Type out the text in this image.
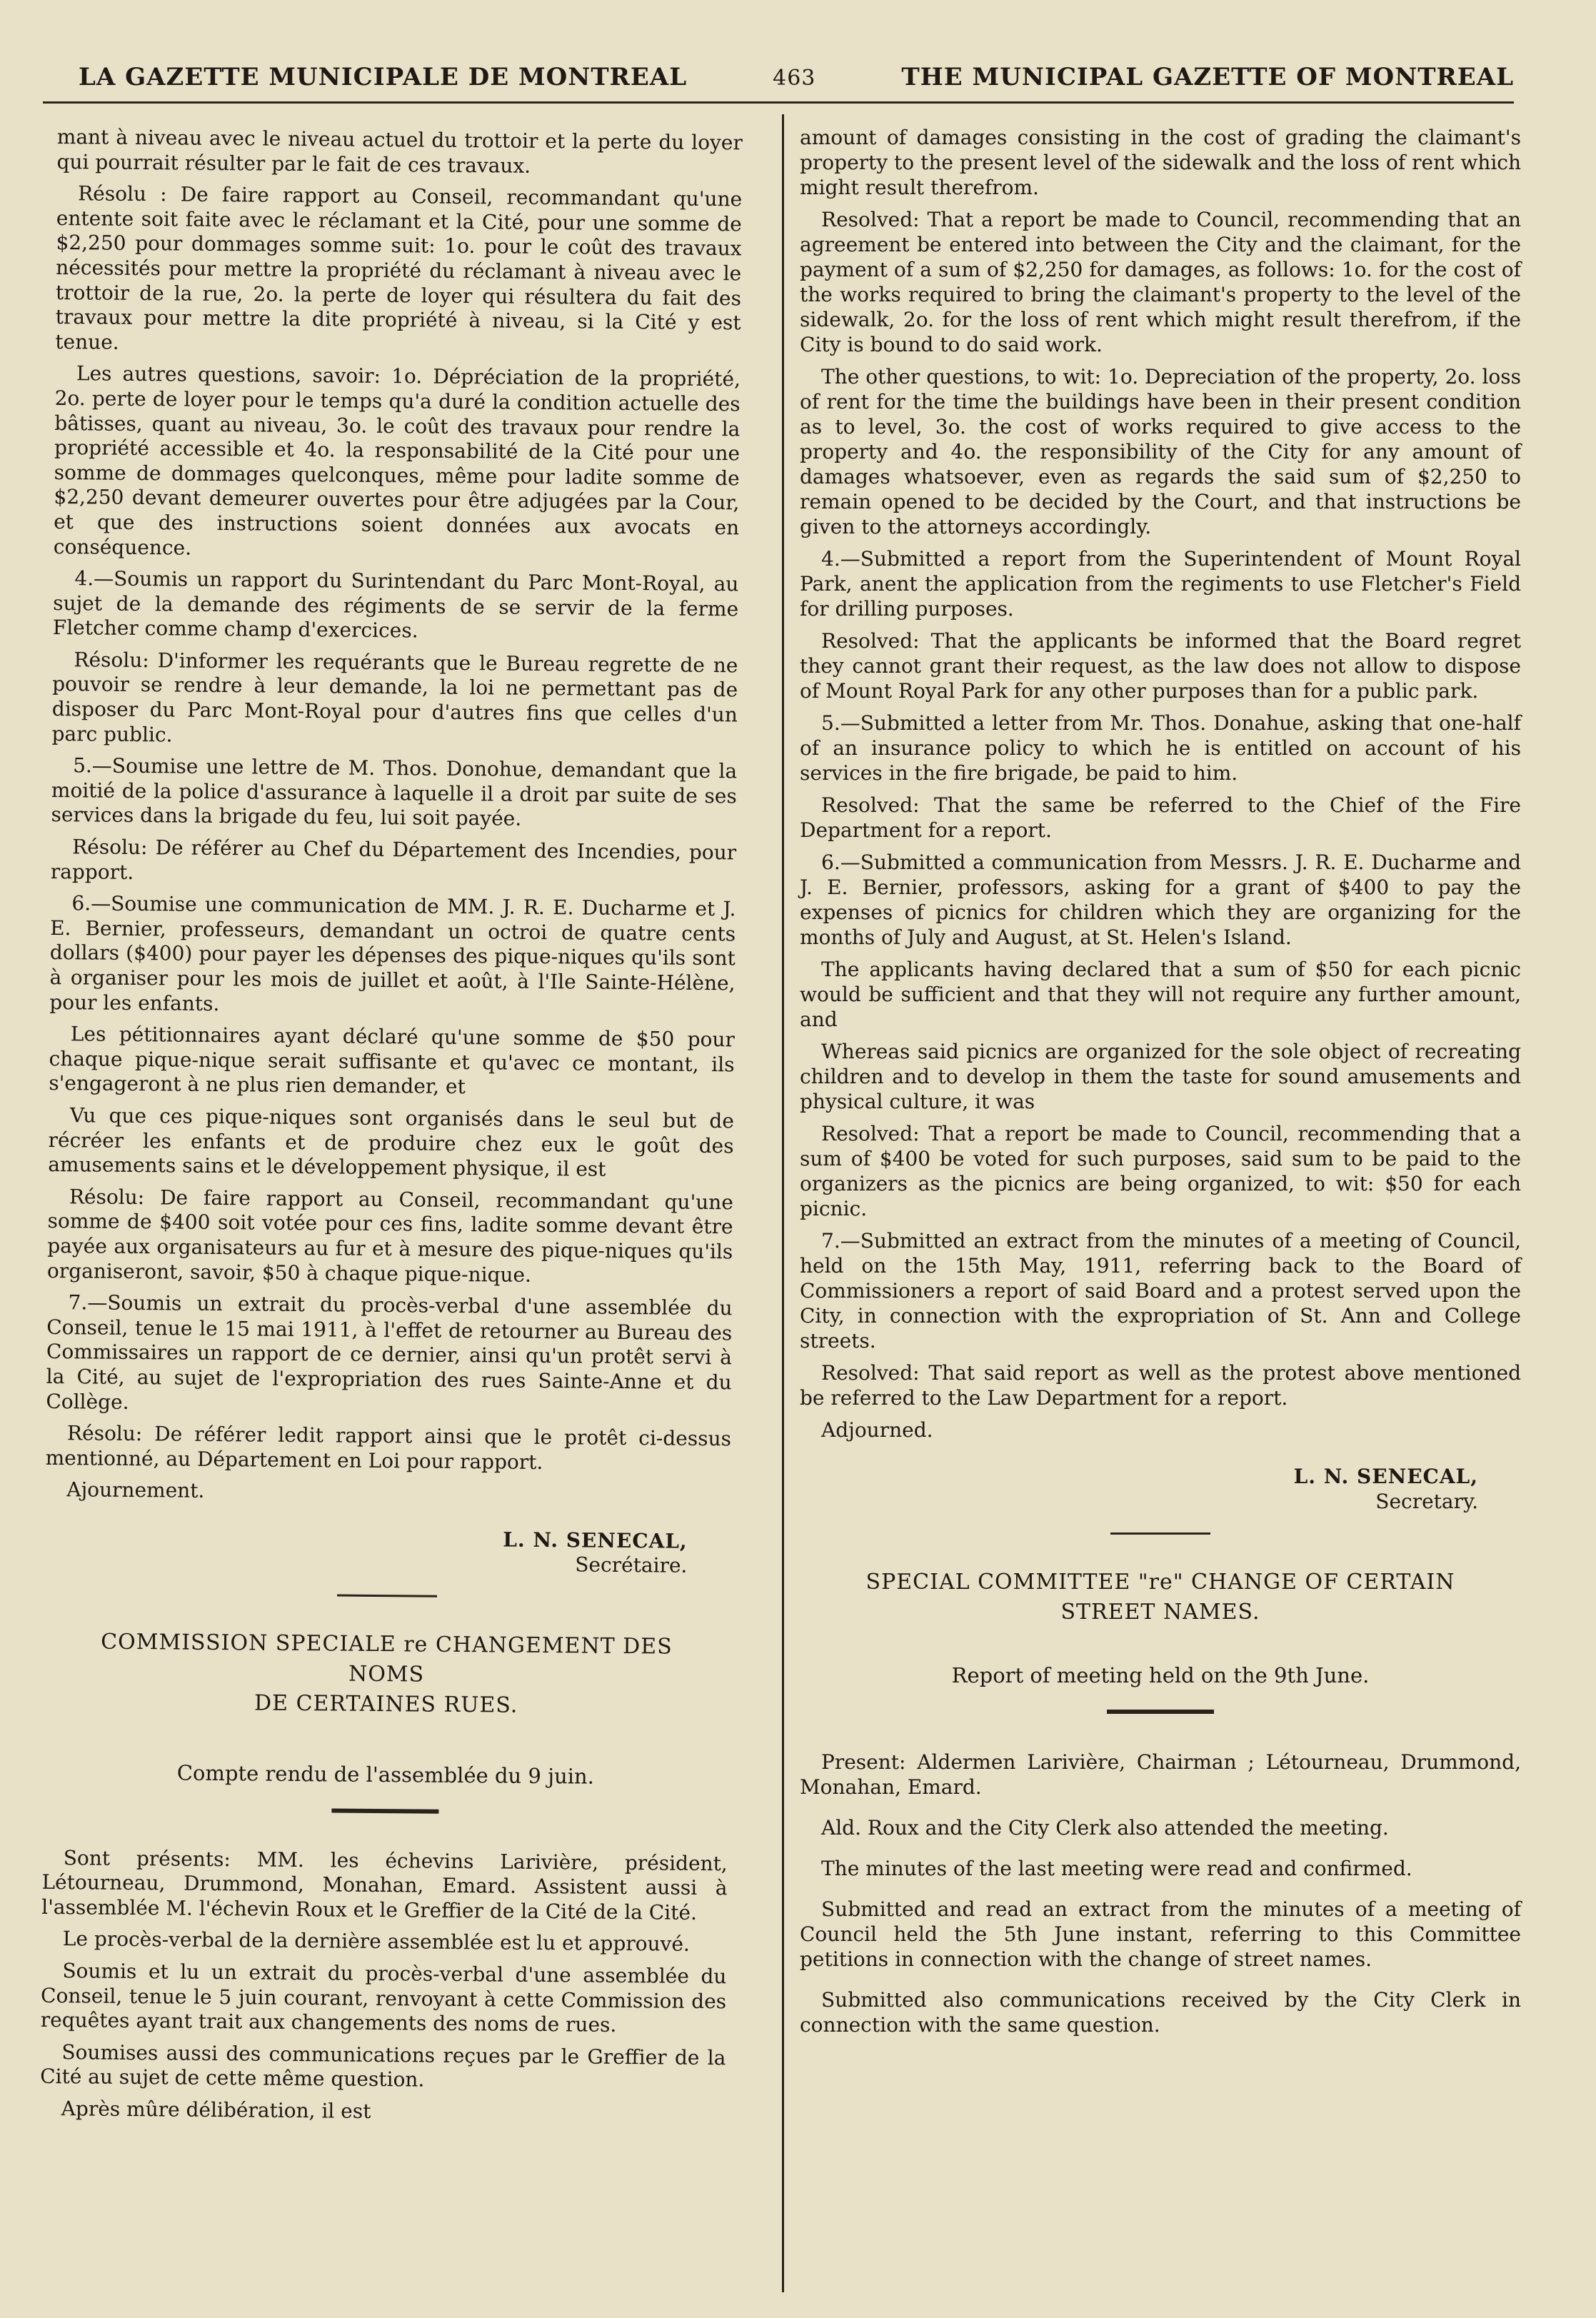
LA GAZETTE MUNICIPALE DE MONTREAL	463	THE MUNICIPAL GAZETTE OF MONTREAL

mant à niveau avec le niveau actuel du trottoir et la perte du loyer qui pourrait résulter par le fait de ces travaux.

Résolu : De faire rapport au Conseil, recommandant qu'une entente soit faite avec le réclamant et la Cité, pour une somme de $2,250 pour dommages somme suit: 1o. pour le coût des travaux nécessités pour mettre la propriété du réclamant à niveau avec le trottoir de la rue, 2o. la perte de loyer qui résultera du fait des travaux pour mettre la dite propriété à niveau, si la Cité y est tenue.

Les autres questions, savoir: 1o. Dépréciation de la propriété, 2o. perte de loyer pour le temps qu'a duré la condition actuelle des bâtisses, quant au niveau, 3o. le coût des travaux pour rendre la propriété accessible et 4o. la responsabilité de la Cité pour une somme de dommages quelconques, même pour ladite somme de $2,250 devant demeurer ouvertes pour être adjugées par la Cour, et que des instructions soient données aux avocats en conséquence.

4.—Soumis un rapport du Surintendant du Parc Mont-Royal, au sujet de la demande des régiments de se servir de la ferme Fletcher comme champ d'exercices.

Résolu: D'informer les requérants que le Bureau regrette de ne pouvoir se rendre à leur demande, la loi ne permettant pas de disposer du Parc Mont-Royal pour d'autres fins que celles d'un parc public.

5.—Soumise une lettre de M. Thos. Donohue, demandant que la moitié de la police d'assurance à laquelle il a droit par suite de ses services dans la brigade du feu, lui soit payée.

Résolu: De référer au Chef du Département des Incendies, pour rapport.

6.—Soumise une communication de MM. J. R. E. Ducharme et J. E. Bernier, professeurs, demandant un octroi de quatre cents dollars ($400) pour payer les dépenses des pique-niques qu'ils sont à organiser pour les mois de juillet et août, à l'Ile Sainte-Hélène, pour les enfants.

Les pétitionnaires ayant déclaré qu'une somme de $50 pour chaque pique-nique serait suffisante et qu'avec ce montant, ils s'engageront à ne plus rien demander, et

Vu que ces pique-niques sont organisés dans le seul but de récréer les enfants et de produire chez eux le goût des amusements sains et le développement physique, il est

Résolu: De faire rapport au Conseil, recommandant qu'une somme de $400 soit votée pour ces fins, ladite somme devant être payée aux organisateurs au fur et à mesure des pique-niques qu'ils organiseront, savoir, $50 à chaque pique-nique.

7.—Soumis un extrait du procès-verbal d'une assemblée du Conseil, tenue le 15 mai 1911, à l'effet de retourner au Bureau des Commissaires un rapport de ce dernier, ainsi qu'un protêt servi à la Cité, au sujet de l'expropriation des rues Sainte-Anne et du Collège.

Résolu: De référer ledit rapport ainsi que le protêt ci-dessus mentionné, au Département en Loi pour rapport.

Ajournement.

L. N. SENECAL,
Secrétaire.
COMMISSION SPECIALE re CHANGEMENT DES NOMS
DE CERTAINES RUES.
Compte rendu de l'assemblée du 9 juin.

Sont présents: MM. les échevins Larivière, président, Létourneau, Drummond, Monahan, Emard. Assistent aussi à l'assemblée M. l'échevin Roux et le Greffier de la Cité de la Cité.

Le procès-verbal de la dernière assemblée est lu et approuvé.

Soumis et lu un extrait du procès-verbal d'une assemblée du Conseil, tenue le 5 juin courant, renvoyant à cette Commission des requêtes ayant trait aux changements des noms de rues.

Soumises aussi des communications reçues par le Greffier de la Cité au sujet de cette même question.

Après mûre délibération, il est

amount of damages consisting in the cost of grading the claimant's property to the present level of the sidewalk and the loss of rent which might result therefrom.

Resolved: That a report be made to Council, recommending that an agreement be entered into between the City and the claimant, for the payment of a sum of $2,250 for damages, as follows: 1o. for the cost of the works required to bring the claimant's property to the level of the sidewalk, 2o. for the loss of rent which might result therefrom, if the City is bound to do said work.

The other questions, to wit: 1o. Depreciation of the property, 2o. loss of rent for the time the buildings have been in their present condition as to level, 3o. the cost of works required to give access to the property and 4o. the responsibility of the City for any amount of damages whatsoever, even as regards the said sum of $2,250 to remain opened to be decided by the Court, and that instructions be given to the attorneys accordingly.

4.—Submitted a report from the Superintendent of Mount Royal Park, anent the application from the regiments to use Fletcher's Field for drilling purposes.

Resolved: That the applicants be informed that the Board regret they cannot grant their request, as the law does not allow to dispose of Mount Royal Park for any other purposes than for a public park.

5.—Submitted a letter from Mr. Thos. Donahue, asking that one-half of an insurance policy to which he is entitled on account of his services in the fire brigade, be paid to him.

Resolved: That the same be referred to the Chief of the Fire Department for a report.

6.—Submitted a communication from Messrs. J. R. E. Ducharme and J. E. Bernier, professors, asking for a grant of $400 to pay the expenses of picnics for children which they are organizing for the months of July and August, at St. Helen's Island.

The applicants having declared that a sum of $50 for each picnic would be sufficient and that they will not require any further amount, and

Whereas said picnics are organized for the sole object of recreating children and to develop in them the taste for sound amusements and physical culture, it was

Resolved: That a report be made to Council, recommending that a sum of $400 be voted for such purposes, said sum to be paid to the organizers as the picnics are being organized, to wit: $50 for each picnic.

7.—Submitted an extract from the minutes of a meeting of Council, held on the 15th May, 1911, referring back to the Board of Commissioners a report of said Board and a protest served upon the City, in connection with the expropriation of St. Ann and College streets.

Resolved: That said report as well as the protest above mentioned be referred to the Law Department for a report.

Adjourned.

L. N. SENECAL,
Secretary.
SPECIAL COMMITTEE "re" CHANGE OF CERTAIN
STREET NAMES.
Report of meeting held on the 9th June.

Present: Aldermen Larivière, Chairman ; Létourneau, Drummond, Monahan, Emard.

Ald. Roux and the City Clerk also attended the meeting.

The minutes of the last meeting were read and confirmed.

Submitted and read an extract from the minutes of a meeting of Council held the 5th June instant, referring to this Committee petitions in connection with the change of street names.

Submitted also communications received by the City Clerk in connection with the same question.
